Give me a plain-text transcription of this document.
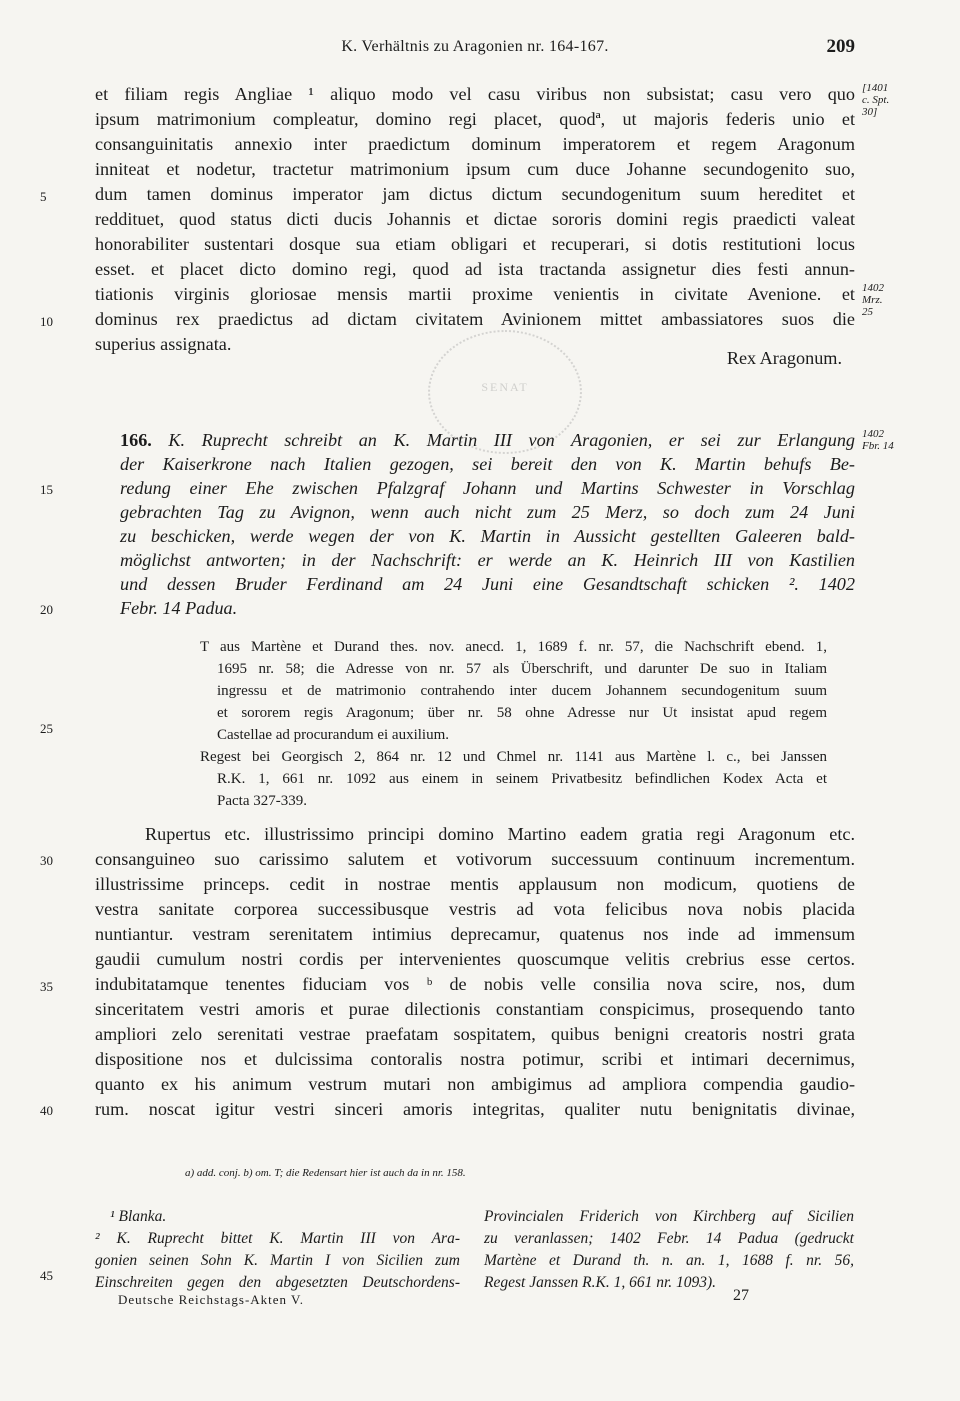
K. Verhältnis zu Aragonien nr. 164-167.	209
et filiam regis Angliae ¹ aliquo modo vel casu viribus non subsistat; casu vero quo
ipsum matrimonium compleatur, domino regi placet, quodª, ut majoris federis unio et
consanguinitatis annexio inter praedictum dominum imperatorem et regem Aragonum
inniteat et nodetur, tractetur matrimonium ipsum cum duce Johanne secundogenito suo,
dum tamen dominus imperator jam dictus dictum secundogenitum suum hereditet et
reddituet, quod status dicti ducis Johannis et dictae sororis domini regis praedicti valeat
honorabiliter sustentari dosque sua etiam obligari et recuperari, si dotis restitutioni locus
esset. et placet dicto domino regi, quod ad ista tractanda assignetur dies festi annun-
tiationis virginis gloriosae mensis martii proxime venientis in civitate Avenione. et
dominus rex praedictus ad dictam civitatem Avinionem mittet ambassiatores suos die
superius assignata.
Rex Aragonum.
SENAT
[1401 c. Spt. 30]
1402 Mrz. 25
1402 Fbr. 14
166. K. Ruprecht schreibt an K. Martin III von Aragonien, er sei zur Erlangung
der Kaiserkrone nach Italien gezogen, sei bereit den von K. Martin behufs Be-
redung einer Ehe zwischen Pfalzgraf Johann und Martins Schwester in Vorschlag
gebrachten Tag zu Avignon, wenn auch nicht zum 25 Merz, so doch zum 24 Juni
zu beschicken, werde wegen der von K. Martin in Aussicht gestellten Galeeren bald-
möglichst antworten; in der Nachschrift: er werde an K. Heinrich III von Kastilien
und dessen Bruder Ferdinand am 24 Juni eine Gesandtschaft schicken ². 1402
Febr. 14 Padua.
T aus Martène et Durand thes. nov. anecd. 1, 1689 f. nr. 57, die Nachschrift ebend. 1,
1695 nr. 58; die Adresse von nr. 57 als Überschrift, und darunter De suo in Italiam
ingressu et de matrimonio contrahendo inter ducem Johannem secundogenitum suum
et sororem regis Aragonum; über nr. 58 ohne Adresse nur Ut insistat apud regem
Castellae ad procurandum ei auxilium.
Regest bei Georgisch 2, 864 nr. 12 und Chmel nr. 1141 aus Martène l. c., bei Janssen
R.K. 1, 661 nr. 1092 aus einem in seinem Privatbesitz befindlichen Kodex Acta et
Pacta 327-339.
Rupertus etc. illustrissimo principi domino Martino eadem gratia regi Aragonum etc.
consanguineo suo carissimo salutem et votivorum successuum continuum incrementum.
illustrissime princeps. cedit in nostrae mentis applausum non modicum, quotiens de
vestra sanitate corporea successibusque vestris ad vota felicibus nova nobis placida
nuntiantur. vestram serenitatem intimius deprecamur, quatenus nos inde ad immensum
gaudii cumulum nostri cordis per intervenientes quoscumque velitis crebrius esse certos.
indubitatamque tenentes fiduciam vos ᵇ de nobis velle consilia nova scire, nos, dum
sinceritatem vestri amoris et purae dilectionis constantiam conspicimus, prosequendo tanto
ampliori zelo serenitati vestrae praefatam sospitatem, quibus benigni creatoris nostri grata
dispositione nos et dulcissima contoralis nostra potimur, scribi et intimari decernimus,
quanto ex his animum vestrum mutari non ambigimus ad ampliora compendia gaudio-
rum. noscat igitur vestri sinceri amoris integritas, qualiter nutu benignitatis divinae,
5
10
15
20
25
30
35
40
45
a) add. conj. b) om. T; die Redensart hier ist auch da in nr. 158.
¹ Blanka.
² K. Ruprecht bittet K. Martin III von Ara-
gonien seinen Sohn K. Martin I von Sicilien zum
Einschreiten gegen den abgesetzten Deutschordens-
Provincialen Friderich von Kirchberg auf Sicilien
zu veranlassen; 1402 Febr. 14 Padua (gedruckt
Martène et Durand th. n. an. 1, 1688 f. nr. 56,
Regest Janssen R.K. 1, 661 nr. 1093).
Deutsche Reichstags-Akten V.	27
